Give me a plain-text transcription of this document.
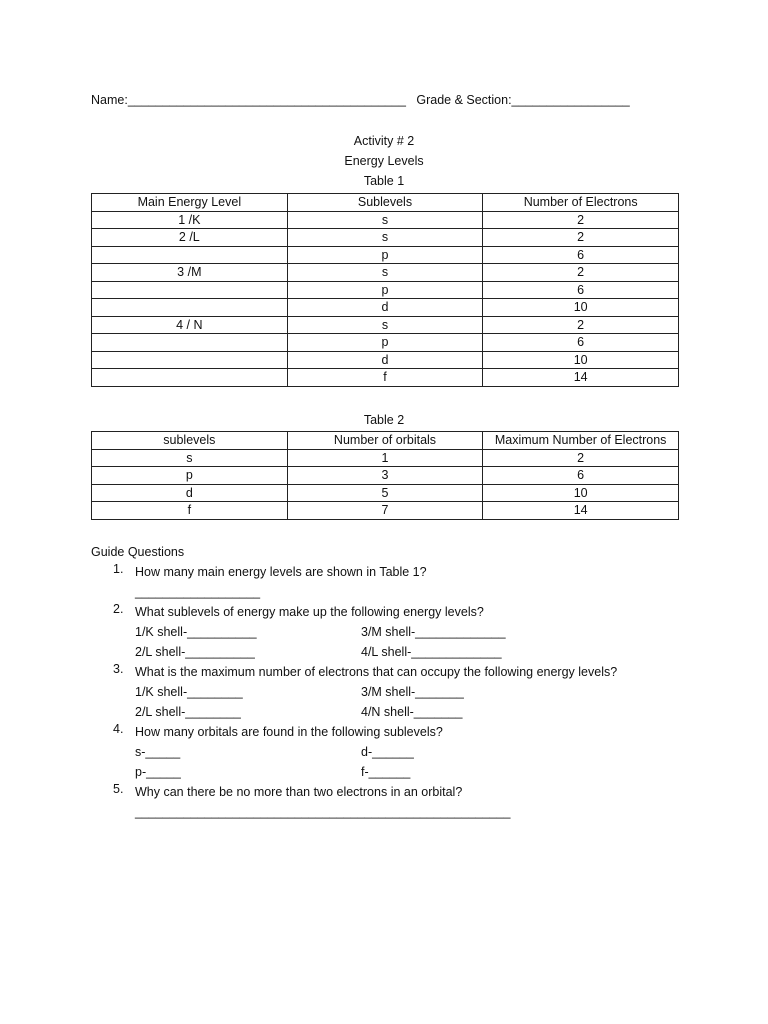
Name:________________________________________ Grade & Section:_________________
Activity # 2
Energy Levels
Table 1
Main Energy Level	Sublevels	Number of Electrons
1 /K	s	2
2 /L	s	2
	p	6
3 /M	s	2
	p	6
	d	10
4 / N	s	2
	p	6
	d	10
	f	14
Table 2
sublevels	Number of orbitals	Maximum Number of Electrons
s	1	2
p	3	6
d	5	10
f	7	14
Guide Questions
1. How many main energy levels are shown in Table 1?
__________________
2. What sublevels of energy make up the following energy levels?
1/K shell-__________	3/M shell-_____________
2/L shell-__________	4/L shell-_____________
3. What is the maximum number of electrons that can occupy the following energy levels?
1/K shell-________	3/M shell-_______
2/L shell-________	4/N shell-_______
4. How many orbitals are found in the following sublevels?
s-_____	d-______
p-_____	f-______
5. Why can there be no more than two electrons in an orbital?
______________________________________________________
